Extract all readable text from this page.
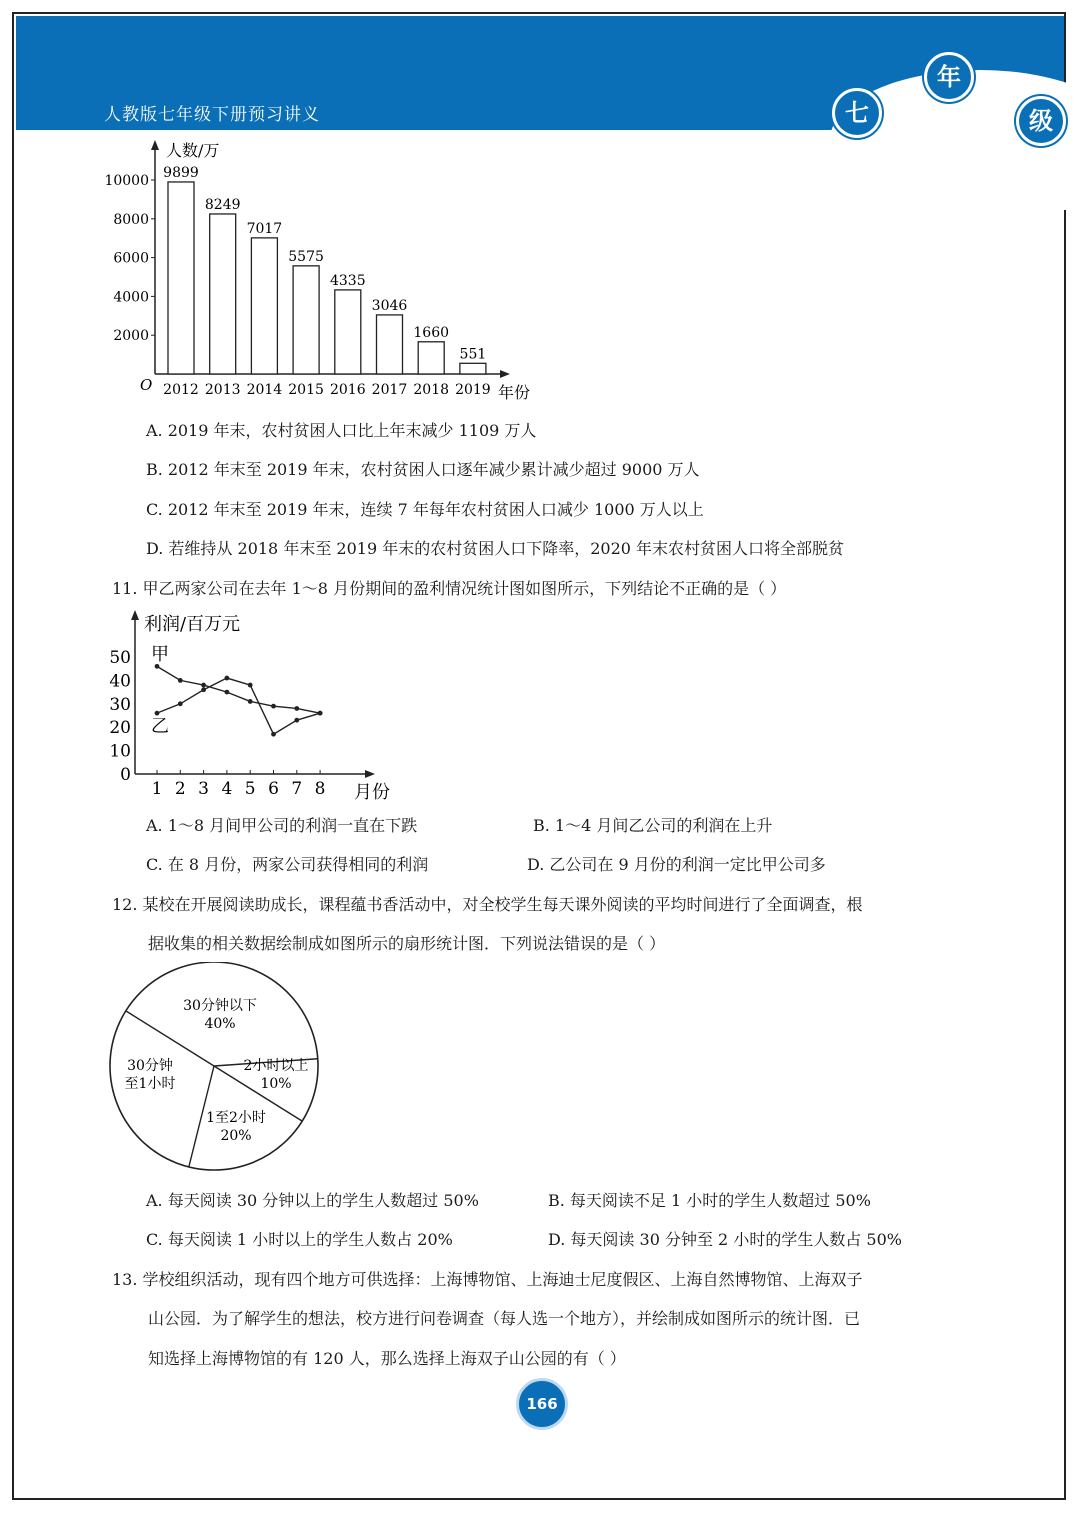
人教版七年级下册预习讲义	七
年
级
人数/万
年份
O
2000
4000
6000
8000
10000
9899
2012
8249
2013
7017
2014
5575
2015
4335
2016
3046
2017
1660
2018
551
2019
A. 2019 年末，农村贫困人口比上年末减少 1109 万人
B. 2012 年末至 2019 年末，农村贫困人口逐年减少累计减少超过 9000 万人
C. 2012 年末至 2019 年末，连续 7 年每年农村贫困人口减少 1000 万人以上
D. 若维持从 2018 年末至 2019 年末的农村贫困人口下降率，2020 年末农村贫困人口将全部脱贫
11. 甲乙两家公司在去年 1～8 月份期间的盈利情况统计图如图所示，下列结论不正确的是（ ）
利润/百万元
月份
0
10
20
30
40
50
1 2 3 4 5 6 7 8
甲
乙
A. 1～8 月间甲公司的利润一直在下跌	B. 1～4 月间乙公司的利润在上升
C. 在 8 月份，两家公司获得相同的利润	D. 乙公司在 9 月份的利润一定比甲公司多
12. 某校在开展阅读助成长，课程蕴书香活动中，对全校学生每天课外阅读的平均时间进行了全面调查，根
据收集的相关数据绘制成如图所示的扇形统计图．下列说法错误的是（ ）
30分钟以下
40%
2小时以上
10%
1至2小时
20%
30分钟
至1小时
A. 每天阅读 30 分钟以上的学生人数超过 50%	B. 每天阅读不足 1 小时的学生人数超过 50%
C. 每天阅读 1 小时以上的学生人数占 20%	D. 每天阅读 30 分钟至 2 小时的学生人数占 50%
13. 学校组织活动，现有四个地方可供选择：上海博物馆、上海迪士尼度假区、上海自然博物馆、上海双子
山公园．为了解学生的想法，校方进行问卷调查（每人选一个地方），并绘制成如图所示的统计图．已
知选择上海博物馆的有 120 人，那么选择上海双子山公园的有（ ）
166
